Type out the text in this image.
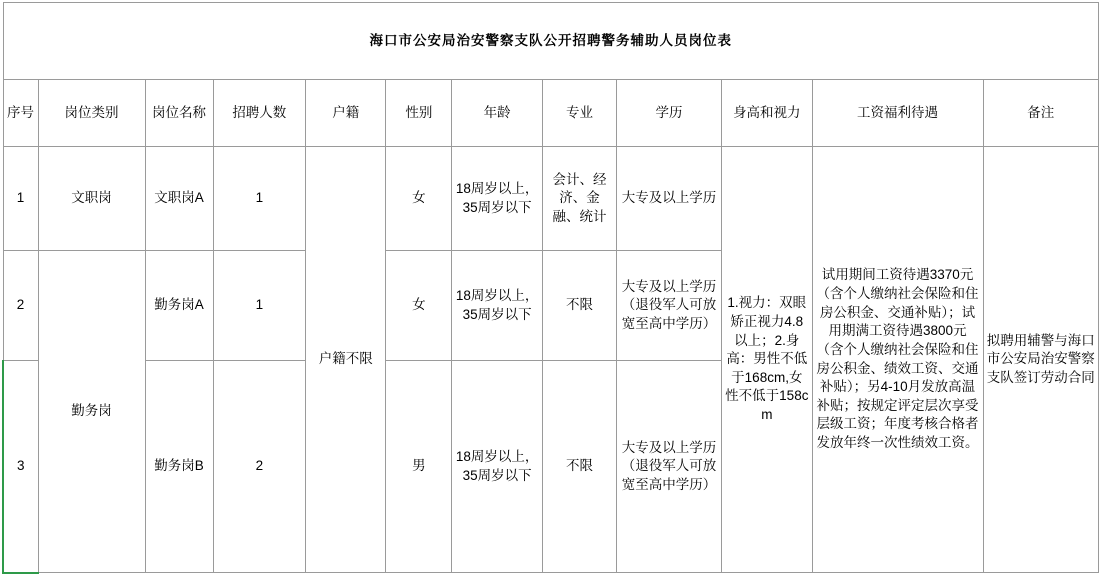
海口市公安局治安警察支队公开招聘警务辅助人员岗位表											
序号	岗位类别	岗位名称	招聘人数	户籍	性别	年龄	专业	学历	身高和视力	工资福利待遇	备注
1	文职岗	文职岗A	1	户籍不限	女	18周岁以上，35周岁以下	会计、经济、金融、统计	大专及以上学历	1.视力：双眼矫正视力4.8以上；2.身高：男性不低于168cm,女性不低于158cm	试用期间工资待遇3370元（含个人缴纳社会保险和住房公积金、交通补贴）；试用期满工资待遇3800元（含个人缴纳社会保险和住房公积金、绩效工资、交通补贴）；另4-10月发放高温补贴；按规定评定层次享受层级工资；年度考核合格者发放年终一次性绩效工资。	拟聘用辅警与海口市公安局治安警察支队签订劳动合同
2	勤务岗	勤务岗A	1		女	18周岁以上，35周岁以下	不限	大专及以上学历（退役军人可放宽至高中学历）			
3		勤务岗B	2		男	18周岁以上，35周岁以下	不限	大专及以上学历（退役军人可放宽至高中学历）			
